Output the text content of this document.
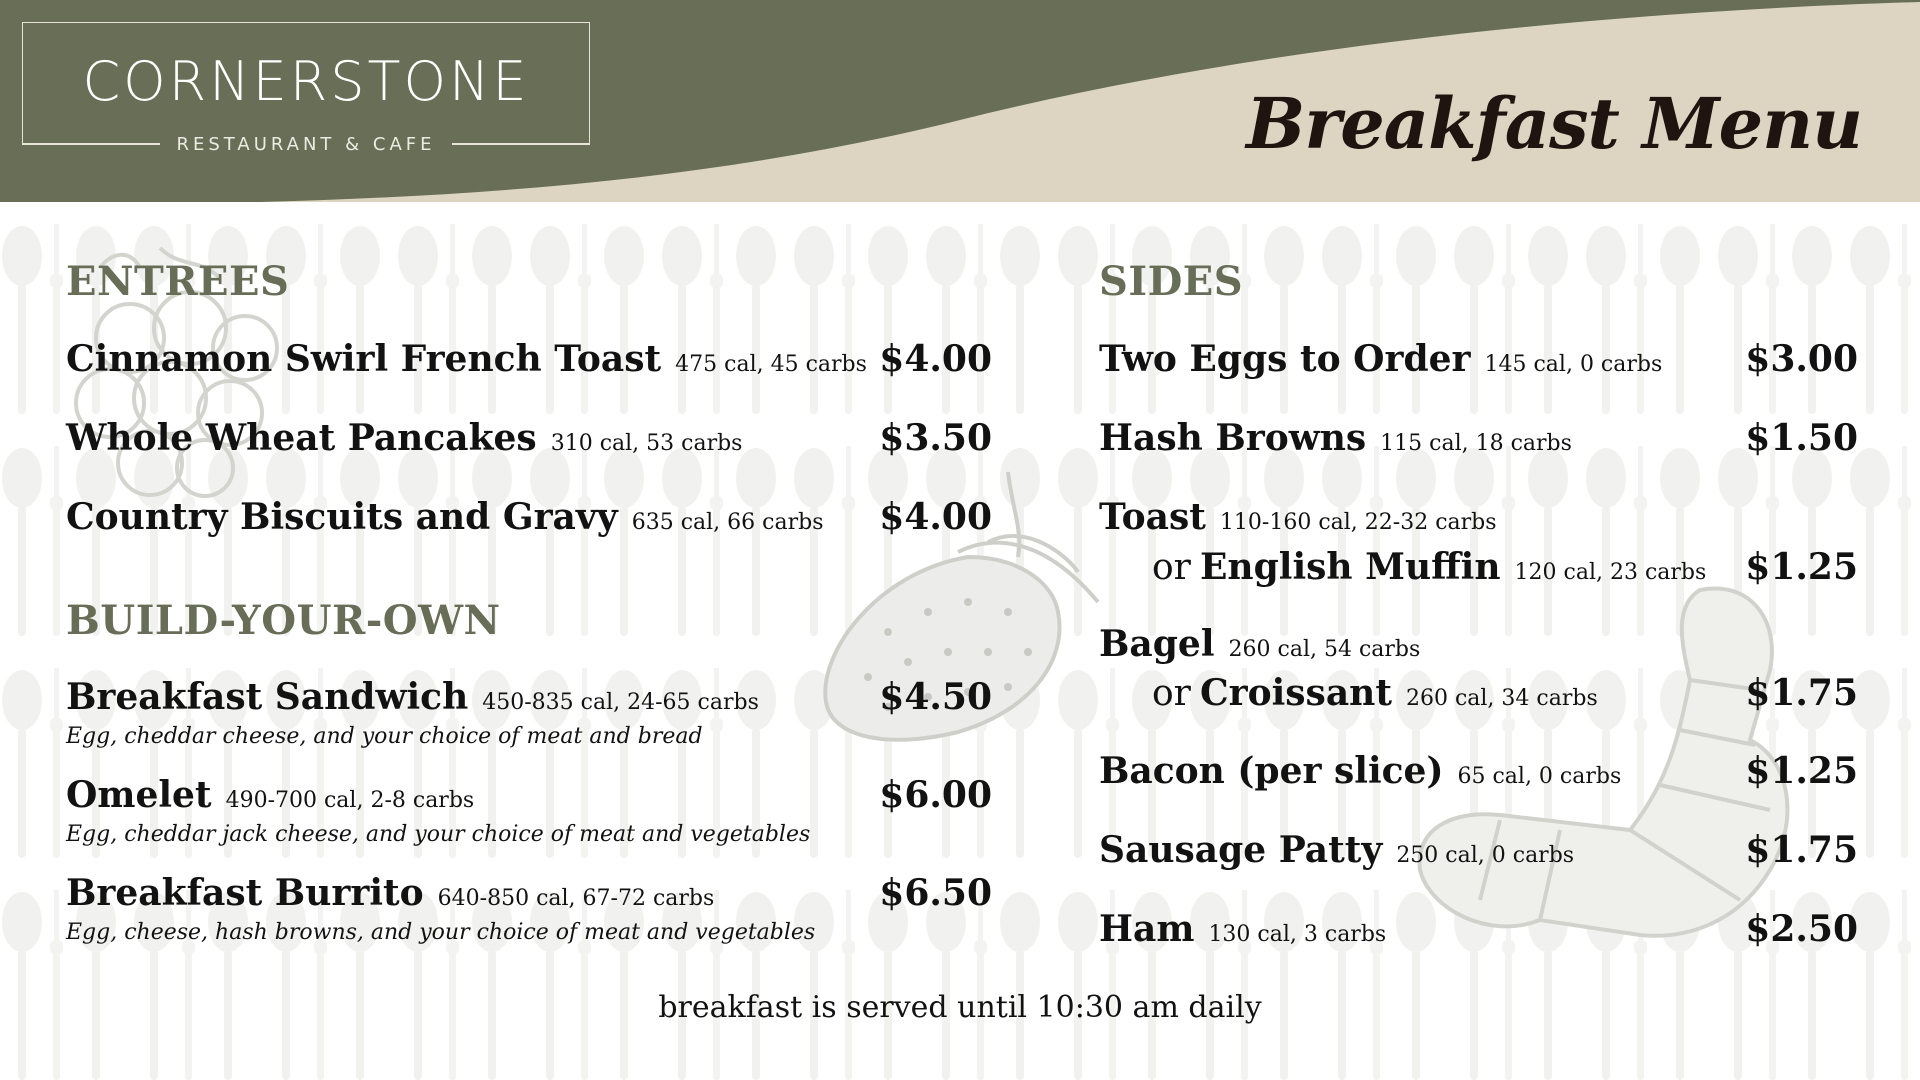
CORNERSTONE
RESTAURANT & CAFE	Breakfast Menu
ENTREES
Cinnamon Swirl French Toast 475 cal, 45 carbs $4.00
Whole Wheat Pancakes 310 cal, 53 carbs	$3.50
Country Biscuits and Gravy 635 cal, 66 carbs	$4.00
BUILD-YOUR-OWN
Breakfast Sandwich 450-835 cal, 24-65 carbs
Egg, cheddar cheese, and your choice of meat and bread
$4.50
Omelet 490-700 cal, 2-8 carbs
Egg, cheddar jack cheese, and your choice of meat and vegetables
$6.00
Breakfast Burrito 640-850 cal, 67-72 carbs
Egg, cheese, hash browns, and your choice of meat and vegetables
$6.50
SIDES
Two Eggs to Order 145 cal, 0 carbs	$3.00
Hash Browns 115 cal, 18 carbs	$1.50
Toast 110-160 cal, 22-32 carbs
or English Muffin 120 cal, 23 carbs	$1.25
Bagel 260 cal, 54 carbs
or Croissant 260 cal, 34 carbs	$1.75
Bacon (per slice) 65 cal, 0 carbs	$1.25
Sausage Patty 250 cal, 0 carbs	$1.75
Ham 130 cal, 3 carbs	$2.50
breakfast is served until 10:30 am daily
